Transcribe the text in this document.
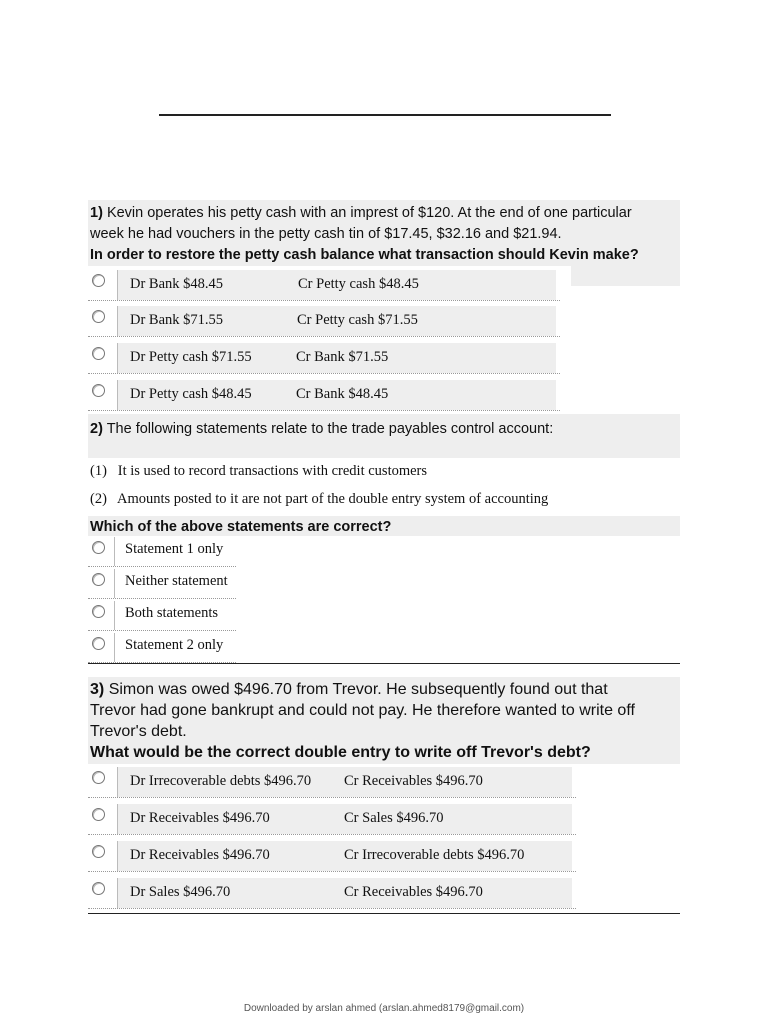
1) Kevin operates his petty cash with an imprest of $120. At the end of one particular
week he had vouchers in the petty cash tin of $17.45, $32.16 and $21.94.
In order to restore the petty cash balance what transaction should Kevin make?
Dr Bank $48.45	Cr Petty cash $48.45
Dr Bank $71.55	Cr Petty cash $71.55
Dr Petty cash $71.55	Cr Bank $71.55
Dr Petty cash $48.45	Cr Bank $48.45
2) The following statements relate to the trade payables control account:
(1)   It is used to record transactions with credit customers
(2)   Amounts posted to it are not part of the double entry system of accounting
Which of the above statements are correct?
Statement 1 only
Neither statement
Both statements
Statement 2 only
3) Simon was owed $496.70 from Trevor. He subsequently found out that
Trevor had gone bankrupt and could not pay. He therefore wanted to write off
Trevor's debt.
What would be the correct double entry to write off Trevor's debt?
Dr Irrecoverable debts $496.70 Cr Receivables $496.70
Dr Receivables $496.70	Cr Sales $496.70
Dr Receivables $496.70	Cr Irrecoverable debts $496.70
Dr Sales $496.70	Cr Receivables $496.70
Downloaded by arslan ahmed (arslan.ahmed8179@gmail.com)
